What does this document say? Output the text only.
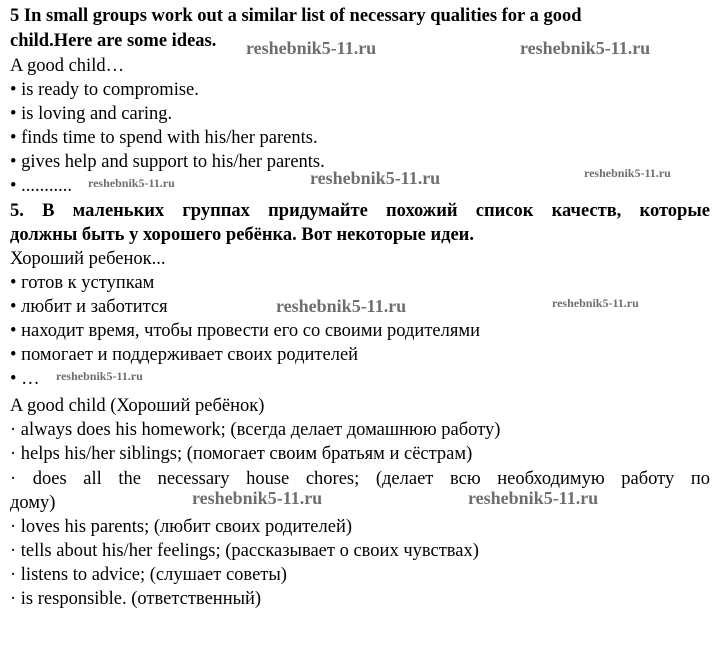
5 In small groups work out a similar list of necessary qualities for a good
child.Here are some ideas.
A good child…
• is ready to compromise.
• is loving and caring.
• finds time to spend with his/her parents.
• gives help and support to his/her parents.
• ...........
5. В маленьких группах придумайте похожий список качеств, которые
должны быть у хорошего ребёнка. Вот некоторые идеи.
Хороший ребенок...
• готов к уступкам
• любит и заботится
• находит время, чтобы провести его со своими родителями
• помогает и поддерживает своих родителей
• …
A good child (Хороший ребёнок)
· always does his homework; (всегда делает домашнюю работу)
· helps his/her siblings; (помогает своим братьям и сёстрам)
· does all the necessary house chores; (делает всю необходимую работу по
дому)
· loves his parents; (любит своих родителей)
· tells about his/her feelings; (рассказывает о своих чувствах)
· listens to advice; (слушает советы)
· is responsible. (ответственный)
reshebnik5-11.ru	reshebnik5-11.ru
reshebnik5-11.ru	reshebnik5-11.ru	reshebnik5-11.ru
reshebnik5-11.ru	reshebnik5-11.ru
reshebnik5-11.ru
reshebnik5-11.ru	reshebnik5-11.ru
